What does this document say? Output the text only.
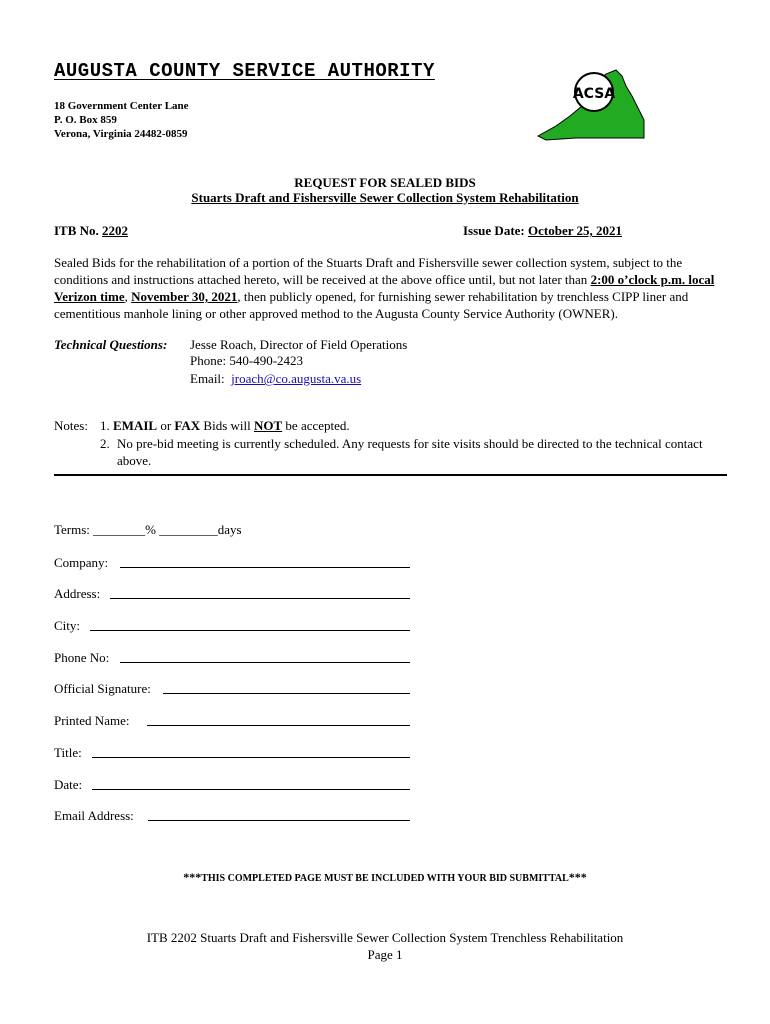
AUGUSTA COUNTY SERVICE AUTHORITY
18 Government Center Lane
P. O. Box 859
Verona, Virginia 24482-0859
ACSA
REQUEST FOR SEALED BIDS
Stuarts Draft and Fishersville Sewer Collection System Rehabilitation
ITB No. 2202	Issue Date: October 25, 2021
Sealed Bids for the rehabilitation of a portion of the Stuarts Draft and Fishersville sewer collection system, subject to the conditions and instructions attached hereto, will be received at the above office until, but not later than 2:00 o’clock p.m. local Verizon time, November 30, 2021, then publicly opened, for furnishing sewer rehabilitation by trenchless CIPP liner and cementitious manhole lining or other approved method to the Augusta County Service Authority (OWNER).
Technical Questions: Jesse Roach, Director of Field Operations
Phone: 540-490-2423
Email:  jroach@co.augusta.va.us
Notes: 1. EMAIL or FAX Bids will NOT be accepted.
2. No pre-bid meeting is currently scheduled. Any requests for site visits should be directed to the technical contact above.
Terms: ________% _________days
Company:
Address:
City:
Phone No:
Official Signature:
Printed Name:
Title:
Date:
Email Address:
***THIS COMPLETED PAGE MUST BE INCLUDED WITH YOUR BID SUBMITTAL***
ITB 2202 Stuarts Draft and Fishersville Sewer Collection System Trenchless Rehabilitation
Page 1
